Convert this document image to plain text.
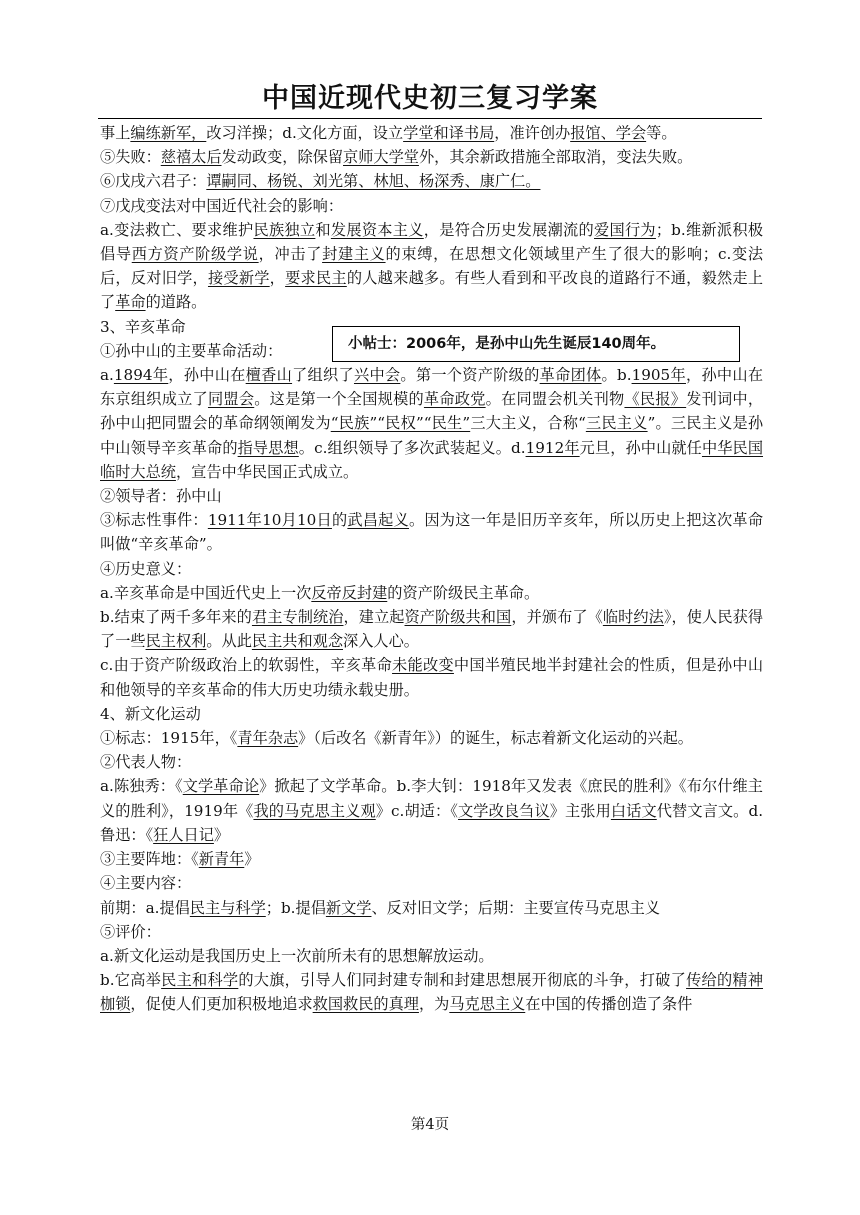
中国近现代史初三复习学案

事上编练新军，改习洋操；d.文化方面，设立学堂和译书局，准许创办报馆、学会等。

⑤失败：慈禧太后发动政变，除保留京师大学堂外，其余新政措施全部取消，变法失败。

⑥戊戌六君子：谭嗣同、杨锐、刘光第、林旭、杨深秀、康广仁。

⑦戊戌变法对中国近代社会的影响：

a.变法救亡、要求维护民族独立和发展资本主义，是符合历史发展潮流的爱国行为；b.维新派积极倡导西方资产阶级学说，冲击了封建主义的束缚，在思想文化领域里产生了很大的影响；c.变法后，反对旧学，接受新学，要求民主的人越来越多。有些人看到和平改良的道路行不通，毅然走上了革命的道路。

3、辛亥革命

①孙中山的主要革命活动：

a.1894年，孙中山在檀香山了组织了兴中会。第一个资产阶级的革命团体。b.1905年，孙中山在东京组织成立了同盟会。这是第一个全国规模的革命政党。在同盟会机关刊物《民报》发刊词中，孙中山把同盟会的革命纲领阐发为“民族”“民权”“民生”三大主义，合称“三民主义”。三民主义是孙中山领导辛亥革命的指导思想。c.组织领导了多次武装起义。d.1912年元旦，孙中山就任中华民国临时大总统，宣告中华民国正式成立。

②领导者：孙中山

③标志性事件：1911年10月10日的武昌起义。因为这一年是旧历辛亥年，所以历史上把这次革命叫做“辛亥革命”。

④历史意义：

a.辛亥革命是中国近代史上一次反帝反封建的资产阶级民主革命。

b.结束了两千多年来的君主专制统治，建立起资产阶级共和国，并颁布了《临时约法》，使人民获得了一些民主权利。从此民主共和观念深入人心。

c.由于资产阶级政治上的软弱性，辛亥革命未能改变中国半殖民地半封建社会的性质，但是孙中山和他领导的辛亥革命的伟大历史功绩永载史册。

4、新文化运动

①标志：1915年，《青年杂志》（后改名《新青年》）的诞生，标志着新文化运动的兴起。

②代表人物：

a.陈独秀：《文学革命论》掀起了文学革命。b.李大钊：1918年又发表《庶民的胜利》《布尔什维主义的胜利》，1919年《我的马克思主义观》c.胡适：《文学改良刍议》主张用白话文代替文言文。d.鲁迅：《狂人日记》

③主要阵地：《新青年》

④主要内容：

前期：a.提倡民主与科学；b.提倡新文学、反对旧文学；后期：主要宣传马克思主义

⑤评价：

a.新文化运动是我国历史上一次前所未有的思想解放运动。

b.它高举民主和科学的大旗，引导人们同封建专制和封建思想展开彻底的斗争，打破了传给的精神枷锁，促使人们更加积极地追求救国救民的真理，为马克思主义在中国的传播创造了条件

小帖士：2006年，是孙中山先生诞辰140周年。
第4页
